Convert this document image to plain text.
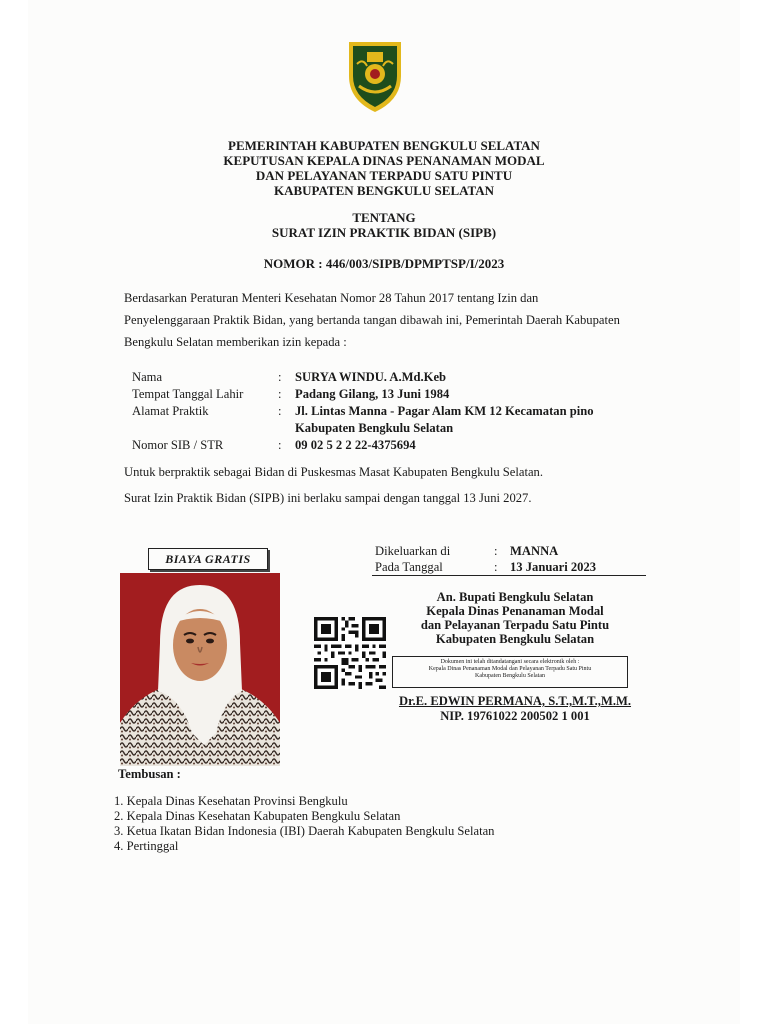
PEMERINTAH KABUPATEN BENGKULU SELATAN
KEPUTUSAN KEPALA DINAS PENANAMAN MODAL
DAN PELAYANAN TERPADU SATU PINTU
KABUPATEN BENGKULU SELATAN
TENTANG
SURAT IZIN PRAKTIK BIDAN (SIPB)
NOMOR : 446/003/SIPB/DPMPTSP/I/2023
Berdasarkan Peraturan Menteri Kesehatan Nomor 28 Tahun 2017 tentang Izin dan
Penyelenggaraan Praktik Bidan, yang bertanda tangan dibawah ini, Pemerintah Daerah Kabupaten
Bengkulu Selatan memberikan izin kepada :
Nama	: SURYA WINDU. A.Md.Keb
Tempat Tanggal Lahir	: Padang Gilang, 13 Juni 1984
Alamat Praktik	: Jl. Lintas Manna - Pagar Alam KM 12 Kecamatan pino
Kabupaten Bengkulu Selatan
Nomor SIB / STR	: 09 02 5 2 2 22-4375694
Untuk berpraktik sebagai Bidan di Puskesmas Masat Kabupaten Bengkulu Selatan.
Surat Izin Praktik Bidan (SIPB) ini berlaku sampai dengan tanggal 13 Juni 2027.
BIAYA GRATIS
Dikeluarkan di	: MANNA
Pada Tanggal	: 13 Januari 2023
An. Bupati Bengkulu Selatan
Kepala Dinas Penanaman Modal
dan Pelayanan Terpadu Satu Pintu
Kabupaten Bengkulu Selatan
Dokumen ini telah ditandatangani secara elektronik oleh :
Kepala Dinas Penanaman Modal dan Pelayanan Terpadu Satu Pintu
Kabupaten Bengkulu Selatan
Dr.E. EDWIN PERMANA, S.T.,M.T.,M.M.
NIP. 19761022 200502 1 001
Tembusan :
1. Kepala Dinas Kesehatan Provinsi Bengkulu
2. Kepala Dinas Kesehatan Kabupaten Bengkulu Selatan
3. Ketua Ikatan Bidan Indonesia (IBI) Daerah Kabupaten Bengkulu Selatan
4. Pertinggal
